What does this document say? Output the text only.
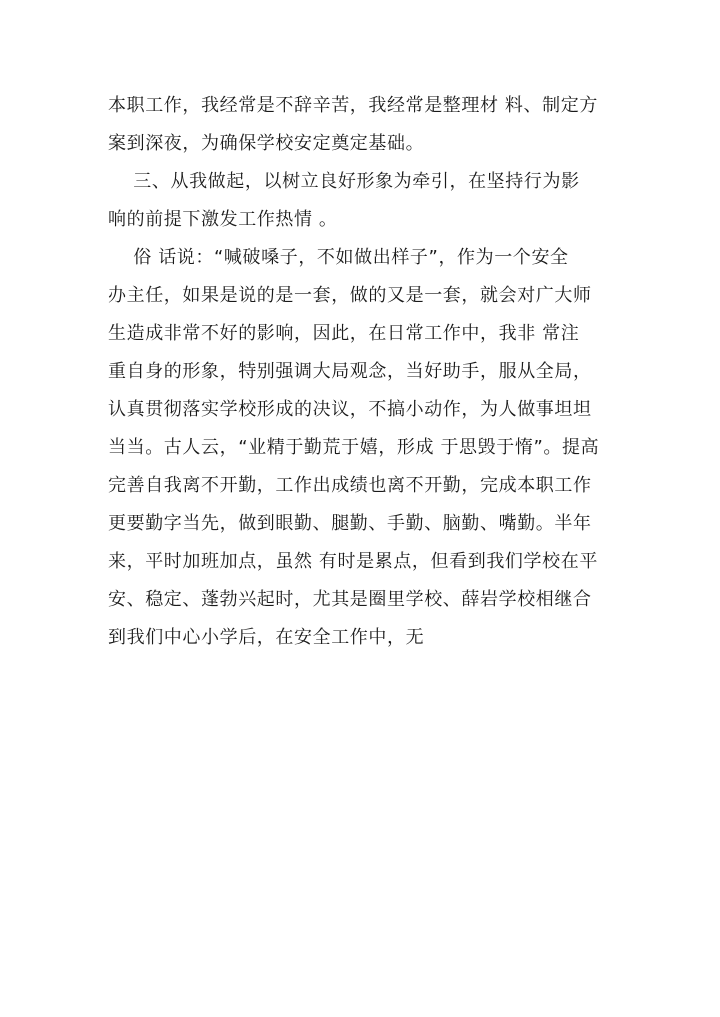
本职工作，我经常是不辞辛苦，我经常是整理材 料、制定方
案到深夜，为确保学校安定奠定基础。
三、从我做起，以树立良好形象为牵引，在坚持行为影
响的前提下激发工作热情 。
俗 话说：“喊破嗓子，不如做出样子”，作为一个安全
办主任，如果是说的是一套，做的又是一套，就会对广大师
生造成非常不好的影响，因此，在日常工作中，我非 常注
重自身的形象，特别强调大局观念，当好助手，服从全局，
认真贯彻落实学校形成的决议，不搞小动作，为人做事坦坦
当当。古人云，“业精于勤荒于嬉，形成 于思毁于惰”。提高
完善自我离不开勤，工作出成绩也离不开勤，完成本职工作
更要勤字当先，做到眼勤、腿勤、手勤、脑勤、嘴勤。半年
来，平时加班加点，虽然 有时是累点，但看到我们学校在平
安、稳定、蓬勃兴起时，尤其是圈里学校、薛岩学校相继合
到我们中心小学后，在安全工作中，无
